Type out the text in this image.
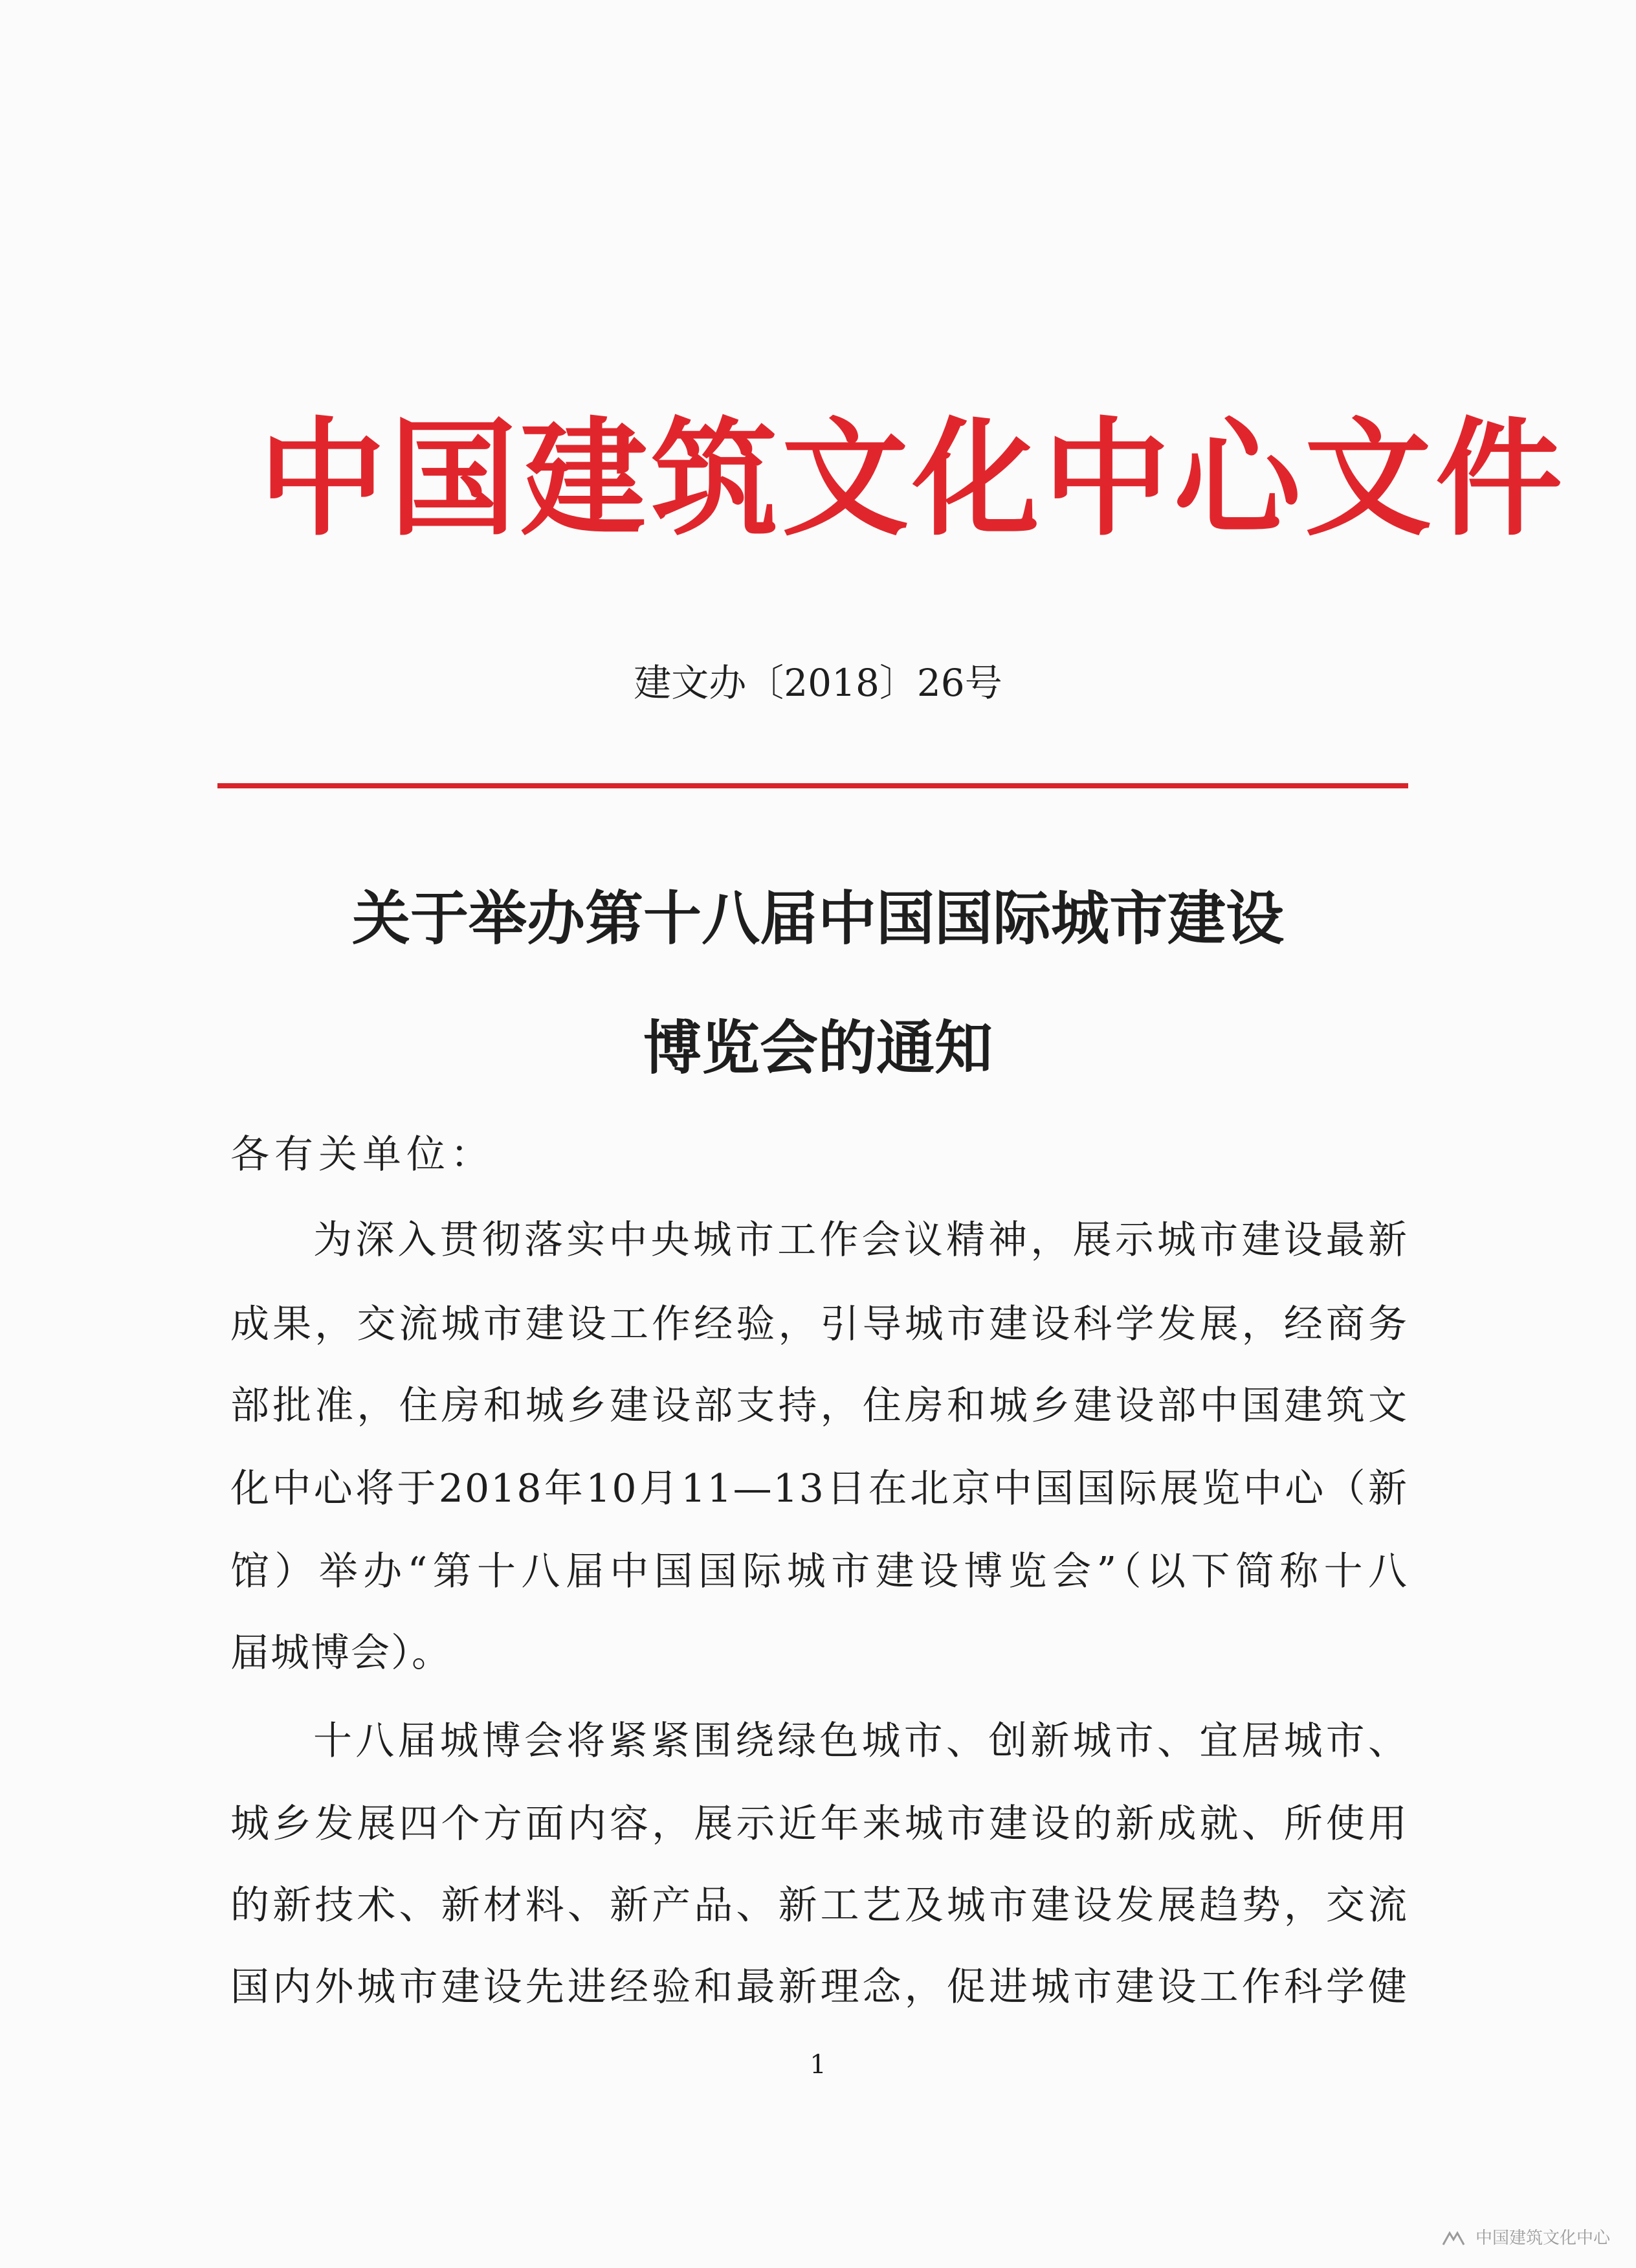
中国建筑文化中心文件
建文办〔2018〕26号
关于举办第十八届中国国际城市建设
博览会的通知
各有关单位：
为深入贯彻落实中央城市工作会议精神，展示城市建设最新
成果，交流城市建设工作经验，引导城市建设科学发展，经商务
部批准，住房和城乡建设部支持，住房和城乡建设部中国建筑文
化中心将于2018年10月11—13日在北京中国国际展览中心（新
馆）举办“第十八届中国国际城市建设博览会”（以下简称十八
届城博会）。
十八届城博会将紧紧围绕绿色城市、创新城市、宜居城市、
城乡发展四个方面内容，展示近年来城市建设的新成就、所使用
的新技术、新材料、新产品、新工艺及城市建设发展趋势，交流
国内外城市建设先进经验和最新理念，促进城市建设工作科学健
1
中国建筑文化中心
